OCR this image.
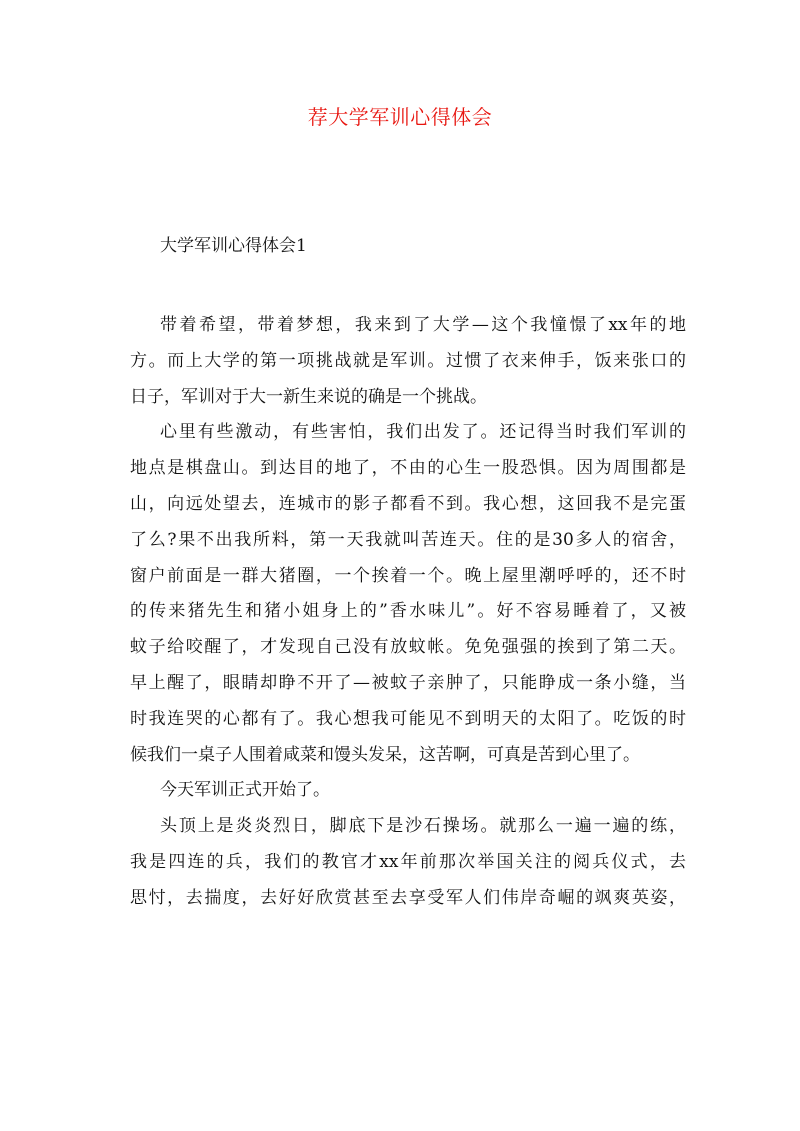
荐大学军训心得体会
大学军训心得体会1
带着希望，带着梦想，我来到了大学—这个我憧憬了xx年的地
方。而上大学的第一项挑战就是军训。过惯了衣来伸手，饭来张口的
日子，军训对于大一新生来说的确是一个挑战。
心里有些激动，有些害怕，我们出发了。还记得当时我们军训的
地点是棋盘山。到达目的地了，不由的心生一股恐惧。因为周围都是
山，向远处望去，连城市的影子都看不到。我心想，这回我不是完蛋
了么?果不出我所料，第一天我就叫苦连天。住的是30多人的宿舍，
窗户前面是一群大猪圈，一个挨着一个。晚上屋里潮呼呼的，还不时
的传来猪先生和猪小姐身上的”香水味儿”。好不容易睡着了，又被
蚊子给咬醒了，才发现自己没有放蚊帐。免免强强的挨到了第二天。
早上醒了，眼睛却睁不开了—被蚊子亲肿了，只能睁成一条小缝，当
时我连哭的心都有了。我心想我可能见不到明天的太阳了。吃饭的时
候我们一桌子人围着咸菜和馒头发呆，这苦啊，可真是苦到心里了。
今天军训正式开始了。
头顶上是炎炎烈日，脚底下是沙石操场。就那么一遍一遍的练，
我是四连的兵，我们的教官才xx年前那次举国关注的阅兵仪式，去
思忖，去揣度，去好好欣赏甚至去享受军人们伟岸奇崛的飒爽英姿，
